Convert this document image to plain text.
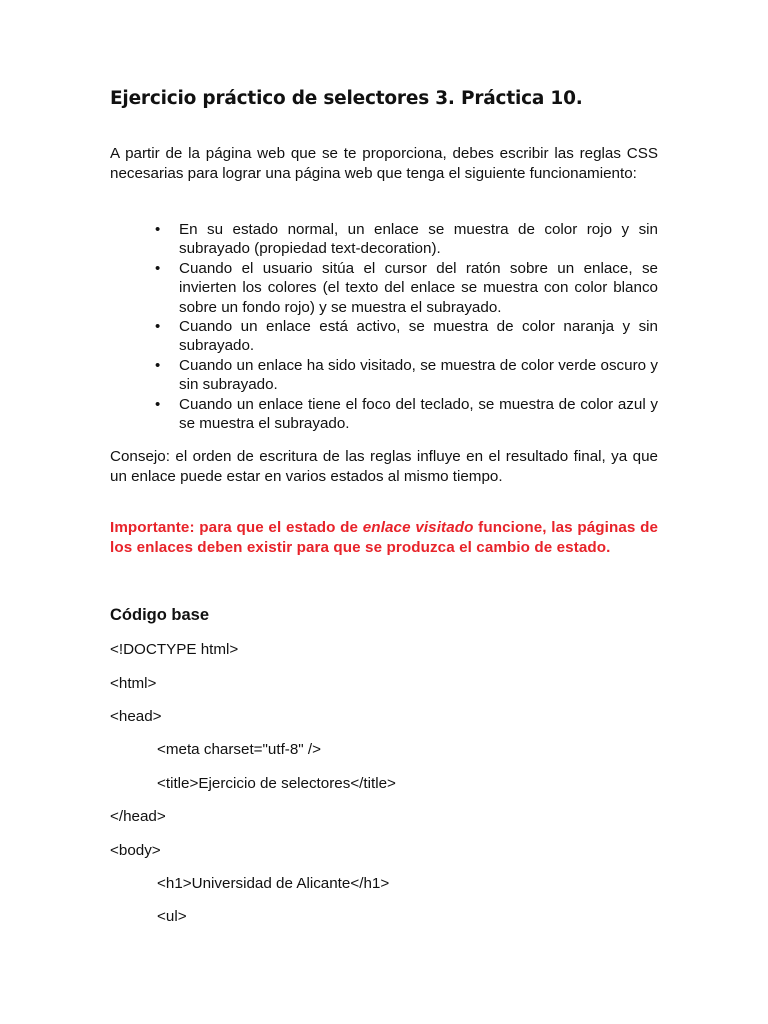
Ejercicio práctico de selectores 3. Práctica 10.

A partir de la página web que se te proporciona, debes escribir las reglas CSS necesarias para lograr una página web que tenga el siguiente funcionamiento:

•	En su estado normal, un enlace se muestra de color rojo y sin subrayado (propiedad text-decoration).
•	Cuando el usuario sitúa el cursor del ratón sobre un enlace, se invierten los colores (el texto del enlace se muestra con color blanco sobre un fondo rojo) y se muestra el subrayado.
•	Cuando un enlace está activo, se muestra de color naranja y sin subrayado.
•	Cuando un enlace ha sido visitado, se muestra de color verde oscuro y sin subrayado.
•	Cuando un enlace tiene el foco del teclado, se muestra de color azul y se muestra el subrayado.

Consejo: el orden de escritura de las reglas influye en el resultado final, ya que un enlace puede estar en varios estados al mismo tiempo.

Importante: para que el estado de enlace visitado funcione, las páginas de los enlaces deben existir para que se produzca el cambio de estado.

Código base
<!DOCTYPE html>
<html>
<head>
<meta charset="utf-8" />
<title>Ejercicio de selectores</title>
</head>
<body>
<h1>Universidad de Alicante</h1>
<ul>
